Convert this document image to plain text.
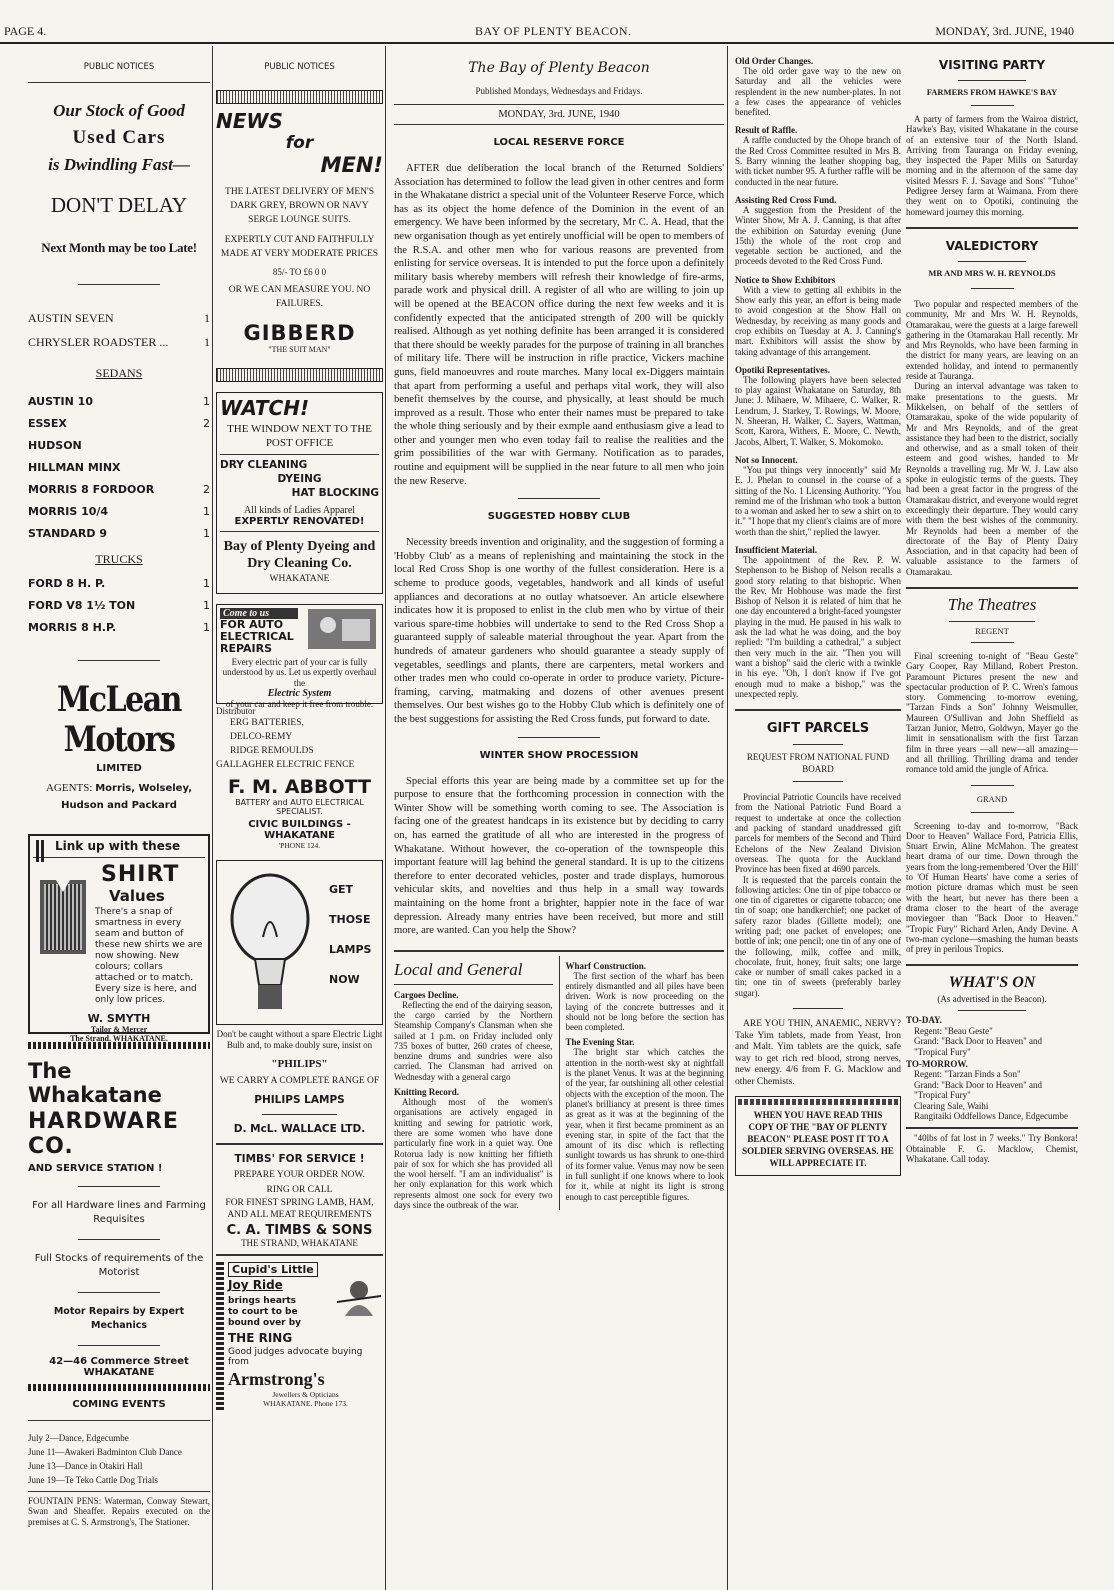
PAGE 4.	BAY OF PLENTY BEACON.	MONDAY, 3rd. JUNE, 1940
PUBLIC NOTICES
Our Stock of Good
Used Cars
is Dwindling Fast—
DON'T DELAY
Next Month may be too Late!
AUSTIN SEVEN	1
CHRYSLER ROADSTER ...	1
SEDANS
AUSTIN 10	1
ESSEX	2
HUDSON
HILLMAN MINX
MORRIS 8 FORDOOR	2
MORRIS 10/4	1
STANDARD 9	1
TRUCKS
FORD 8 H. P.	1
FORD V8 1½ TON	1
MORRIS 8 H.P.	1
McLean Motors
LIMITED
AGENTS: Morris, Wolseley, Hudson and Packard
Link up with these
SHIRT
Values
There's a snap of smartness in every seam and button of these new shirts we are now showing. New colours; collars attached or to match. Every size is here, and only low prices.
W. SMYTH
Tailor & Mercer
The Strand. WHAKATANE.
The Whakatane
HARDWARE CO.
AND SERVICE STATION !
For all Hardware lines and Farming Requisites
Full Stocks of requirements of the Motorist
Motor Repairs by Expert Mechanics
42—46 Commerce Street
WHAKATANE
COMING EVENTS
July 2 —Dance, Edgecumbe
June 11 —Awakeri Badminton Club Dance
June 13 —Dance in Otakiri Hall
June 19 —Te Teko Cattle Dog Trials
FOUNTAIN PENS: Waterman, Conway Stewart, Swan and Sheaffer. Repairs executed on the premises at C. S. Armstrong's, The Stationer.
PUBLIC NOTICES
NEWS
for
MEN!
THE LATEST DELIVERY OF MEN'S DARK GREY, BROWN OR NAVY SERGE LOUNGE SUITS.
EXPERTLY CUT AND FAITHFULLY MADE AT VERY MODERATE PRICES
85/- TO £6 0 0
OR WE CAN MEASURE YOU. NO FAILURES.
GIBBERD
"THE SUIT MAN"
WATCH!
THE WINDOW NEXT TO THE POST OFFICE
DRY CLEANING
DYEING
HAT BLOCKING
All kinds of Ladies Apparel
EXPERTLY RENOVATED!
Bay of Plenty Dyeing and Dry Cleaning Co.
WHAKATANE
Come to us
FOR AUTO ELECTRICAL REPAIRS
Every electric part of your car is fully understood by us. Let us expertly overhaul the
Electric System
of your car and keep it free from trouble.
Distributor
ERG BATTERIES,
DELCO-REMY
RIDGE REMOULDS
GALLAGHER ELECTRIC FENCE
F. M. ABBOTT
BATTERY and AUTO ELECTRICAL SPECIALIST.
CIVIC BUILDINGS - WHAKATANE
'PHONE 124.
GET
THOSE
LAMPS
NOW
Don't be caught without a spare Electric Light Bulb and, to make doubly sure, insist on
"PHILIPS"
WE CARRY A COMPLETE RANGE OF
PHILIPS LAMPS
D. McL. WALLACE LTD.
TIMBS' FOR SERVICE !
PREPARE YOUR ORDER NOW.
RING OR CALL
FOR FINEST SPRING LAMB, HAM, AND ALL MEAT REQUIREMENTS
C. A. TIMBS & SONS
THE STRAND, WHAKATANE
Cupid's Little
Joy Ride
brings hearts to court to be bound over by
THE RING
Good judges advocate buying from
Armstrong's
Jewellers & Opticians
WHAKATANE. Phone 173.
The Bay of Plenty Beacon
Published Mondays, Wednesdays and Fridays.
MONDAY, 3rd. JUNE, 1940
LOCAL RESERVE FORCE

AFTER due deliberation the local branch of the Returned Soldiers' Association has determined to follow the lead given in other centres and form in the Whakatane district a special unit of the Volunteer Reserve Force, which has as its object the home defence of the Dominion in the event of an emergency. We have been informed by the secretary, Mr C. A. Head, that the new organisation though as yet entirely unofficial will be open to members of the R.S.A. and other men who for various reasons are prevented from enlisting for service overseas. It is intended to put the force upon a definitely military basis whereby members will refresh their knowledge of fire-arms, parade work and physical drill. A register of all who are willing to join up will be opened at the BEACON office during the next few weeks and it is confidently expected that the anticipated strength of 200 will be quickly realised. Although as yet nothing definite has been arranged it is considered that there should be weekly parades for the purpose of training in all branches of military life. There will be instruction in rifle practice, Vickers machine guns, field manoeuvres and route marches. Many local ex-Diggers maintain that apart from performing a useful and perhaps vital work, they will also benefit themselves by the course, and physically, at least should be much improved as a result. Those who enter their names must be prepared to take the whole thing seriously and by their exmple aand enthusiasm give a lead to other and younger men who even today fail to realise the realities and the grim possibilities of the war with Germany. Notification as to parades, routine and equipment will be supplied in the near future to all men who join the new Reserve.

SUGGESTED HOBBY CLUB

Necessity breeds invention and originality, and the suggestion of forming a 'Hobby Club' as a means of replenishing and maintaining the stock in the local Red Cross Shop is one worthy of the fullest consideration. Here is a scheme to produce goods, vegetables, handwork and all kinds of useful appliances and decorations at no outlay whatsoever. An article elsewhere indicates how it is proposed to enlist in the club men who by virtue of their various spare-time hobbies will undertake to send to the Red Cross Shop a guaranteed supply of saleable material throughout the year. Apart from the hundreds of amateur gardeners who should guarantee a steady supply of vegetables, seedlings and plants, there are carpenters, metal workers and other trades men who could co-operate in order to produce variety. Picture-framing, carving, matmaking and dozens of other avenues present themselves. Our best wishes go to the Hobby Club which is definitely one of the best suggestions for assisting the Red Cross funds, put forward to date.

WINTER SHOW PROCESSION

Special efforts this year are being made by a committee set up for the purpose to ensure that the forthcoming procession in connection with the Winter Show will be something worth coming to see. The Association is facing one of the greatest handcaps in its existence but by deciding to carry on, has earned the gratitude of all who are interested in the progress of Whakatane. Without however, the co-operation of the townspeople this important feature will lag behind the general standard. It is up to the citizens therefore to enter decorated vehicles, poster and trade displays, humorous vehicular skits, and novelties and thus help in a small way towards maintaining on the home front a brighter, happier note in the face of war depression. Already many entries have been received, but more and still more, are wanted. Can you help the Show?

Local and General
Cargoes Decline.
Reflecting the end of the dairying season, the cargo carried by the Northern Steamship Company's Clansman when she sailed at 1 p.m. on Friday included only 735 boxes of butter, 260 crates of cheese, benzine drums and sundries were also carried. The Clansman had arrived on Wednesday with a general cargo
Knitting Record.
Although most of the women's organisations are actively engaged in knitting and sewing for patriotic work, there are some women who have done particularly fine work in a quiet way. One Rotorua lady is now knitting her fiftieth pair of sox for which she has provided all the wool herself. "I am an individualist" is her only explanation for this work which represents almost one sock for every two days since the outbreak of the war.
Wharf Construction.
The first section of the wharf has been entirely dismantled and all piles have been driven. Work is now proceeding on the laying of the concrete buttresses and it should not be long before the section has been completed.
The Evening Star.
The bright star which catches the attention in the north-west sky at nightfall is the planet Venus. It was at the beginning of the year, far outshining all other celestial objects with the exception of the moon. The planet's brilliancy at present is three times as great as it was at the beginning of the year, when it first became prominent as an evening star, in spite of the fact that the amount of its disc which is reflecting sunlight towards us has shrunk to one-third of its former value. Venus may now be seen in full sunlight if one knows where to look for it, while at night its light is strong enough to cast perceptible figures.
Old Order Changes.
The old order gave way to the new on Saturday and all the vehicles were resplendent in the new number-plates. In not a few cases the appearance of vehicles benefited.
Result of Raffle.
A raffle conducted by the Ohope branch of the Red Cross Committee resulted in Mrs B. S. Barry winning the leather shopping bag, with ticket number 95. A further raffle will be conducted in the near future.
Assisting Red Cross Fund.
A suggestion from the President of the Winter Show, Mr A. J. Canning, is that after the exhibition on Saturday evening (June 15th) the whole of the root crop and vegetable section be auctioned, and the proceeds devoted to the Red Cross Fund.
Notice to Show Exhibitors
With a view to getting all exhibits in the Show early this year, an effort is being made to avoid congestion at the Show Hall on Wednesday, by receiving as many goods and crop exhibits on Tuesday at A. J. Canning's mart. Exhibitors will assist the show by taking advantage of this arrangement.
Opotiki Representatives.
The following players have been selected to play against Whakatane on Saturday, 8th June: J. Mihaere, W. Mihaere, C. Walker, R. Lendrum, J. Starkey, T. Rowings, W. Moore, N. Sheeran, H. Walker, C. Sayers, Wattman, Scott, Karora, Withers, E. Moore, C. Newth, Jacobs, Albert, T. Walker, S. Mokomoko.
Not so Innocent.
"You put things very innocently" said Mr E. J. Phelan to counsel in the course of a sitting of the No. 1 Licensing Authority. "You remind me of the Irishman who took a button to a woman and asked her to sew a shirt on to it." "I hope that my client's claims are of more worth than the shirt," replied the lawyer.
Insufficient Material.
The appointment of the Rev. P. W. Stephenson to be Bishop of Nelson recalls a good story relating to that bishopric. When the Rev. Mr Hobhouse was made the first Bishop of Nelson it is related of him that he one day encountered a bright-faced youngster playing in the mud. He paused in his walk to ask the lad what he was doing, and the boy replied: "I'm building a cathedral," a subject then very much in the air. "Then you will want a bishop" said the cleric with a twinkle in his eye. "Oh, I don't know if I've got enough mud to make a bishop," was the unexpected reply.
GIFT PARCELS
REQUEST FROM NATIONAL FUND BOARD
Provincial Patriotic Councils have received from the National Patriotic Fund Board a request to undertake at once the collection and packing of standard unaddressed gift parcels for members of the Second and Third Echelons of the New Zealand Division overseas. The quota for the Auckland Province has been fixed at 4690 parcels.
It is requested that the parcels contain the following articles: One tin of pipe tobacco or one tin of cigarettes or cigarette tobacco; one tin of soap; one handkerchief; one packet of safety razor blades (Gillette model); one writing pad; one packet of envelopes; one bottle of ink; one pencil; one tin of any one of the following, milk, coffee and milk, chocolate, fruit, honey, fruit salts; one large cake or number of small cakes packed in a tin; one tin of sweets (preferably barley sugar).
ARE YOU THIN, ANAEMIC, NERVY? Take Yim tablets, made from Yeast, Iron and Malt. Yim tablets are the quick, safe way to get rich red blood, strong nerves, new energy. 4/6 from F. G. Macklow and other Chemists.
WHEN YOU HAVE READ THIS COPY OF THE "BAY OF PLENTY BEACON" PLEASE POST IT TO A SOLDIER SERVING OVERSEAS. HE WILL APPRECIATE IT.
VISITING PARTY
FARMERS FROM HAWKE'S BAY
A party of farmers from the Wairoa district, Hawke's Bay, visited Whakatane in the course of an extensive tour of the North Island. Arriving from Tauranga on Friday evening, they inspected the Paper Mills on Saturday morning and in the afternoon of the same day visited Messrs F. J. Savage and Sons' "Tuhoe" Pedigree Jersey farm at Waimana. From there they went on to Opotiki, continuing the homeward journey this morning.
VALEDICTORY
MR AND MRS W. H. REYNOLDS
Two popular and respected members of the community, Mr and Mrs W. H. Reynolds, Otamarakau, were the guests at a large farewell gathering in the Otamarakau Hall recently. Mr and Mrs Reynolds, who have been farming in the district for many years, are leaving on an extended holiday, and intend to permanently reside at Tauranga.
During an interval advantage was taken to make presentations to the guests. Mr Mikkelsen, on behalf of the settlers of Otamarakau, spoke of the wide popularity of Mr and Mrs Reynolds, and of the great assistance they had been to the district, socially and otherwise, and as a small token of their esteem and good wishes, handed to Mr Reynolds a travelling rug. Mr W. J. Law also spoke in eulogistic terms of the guests. They had been a great factor in the progress of the Otamarakau district, and everyone would regret exceedingly their departure. They would carry with them the best wishes of the community. Mr Reynolds had been a member of the directorate of the Bay of Plenty Dairy Association, and in that capacity had been of valuable assistance to the farmers of Otamarakau.
The Theatres
REGENT
Final screening to-night of "Beau Geste" Gary Cooper, Ray Milland, Robert Preston. Paramount Pictures present the new and spectacular production of P. C. Wren's famous story. Commencing to-morrow evening, "Tarzan Finds a Son" Johnny Weismuller, Maureen O'Sullivan and John Sheffield as Tarzan Junior, Metro, Goldwyn, Mayer go the limit in sensationalism with the first Tarzan film in three years —all new—all amazing— and all thrilling. Thrilling drama and tender romance told amid the jungle of Africa.
GRAND
Screening to-day and to-morrow, "Back Door to Heaven" Wallace Ford, Patricia Ellis, Stuart Erwin, Aline McMahon. The greatest heart drama of our time. Down through the years from the long-remembered 'Over the Hill' to 'Of Human Hearts' have come a series of motion picture dramas which must be seen with the heart, but never has there been a drama closer to the heart of the average moviegoer than "Back Door to Heaven." "Tropic Fury" Richard Arlen, Andy Devine. A two-man cyclone—smashing the human beasts of prey in perilous Tropics.
WHAT'S ON
(As advertised in the Beacon).
TO-DAY.
Regent: "Beau Geste"
Grand: "Back Door to Heaven" and "Tropical Fury"
TO-MORROW.
Regent: "Tarzan Finds a Son"
Grand: "Back Door to Heaven" and "Tropical Fury"
Clearing Sale, Waihi
Rangitaiki Oddfellows Dance, Edgecumbe
"40lbs of fat lost in 7 weeks." Try Bonkora! Obtainable F. G. Macklow, Chemist, Whakatane. Call today.
